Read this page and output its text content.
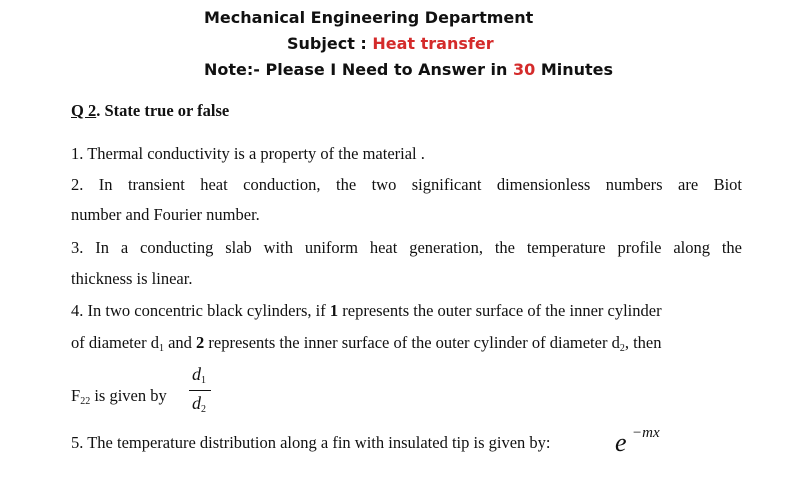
Mechanical Engineering Department
Subject : Heat transfer
Note:- Please I Need to Answer in 30 Minutes
Q 2. State true or false
1. Thermal conductivity is a property of the material .
2. In transient heat conduction, the two significant dimensionless numbers are Biot
number and Fourier number.
3. In a conducting slab with uniform heat generation, the temperature profile along the
thickness is linear.
4. In two concentric black cylinders, if 1 represents the outer surface of the inner cylinder
of diameter $d_1$ and 2 represents the inner surface of the outer cylinder of diameter $d_2$, then
$F_{22}$ is given by
$d_1$
$d_2$
5. The temperature distribution along a fin with insulated tip is given by: e −mx
